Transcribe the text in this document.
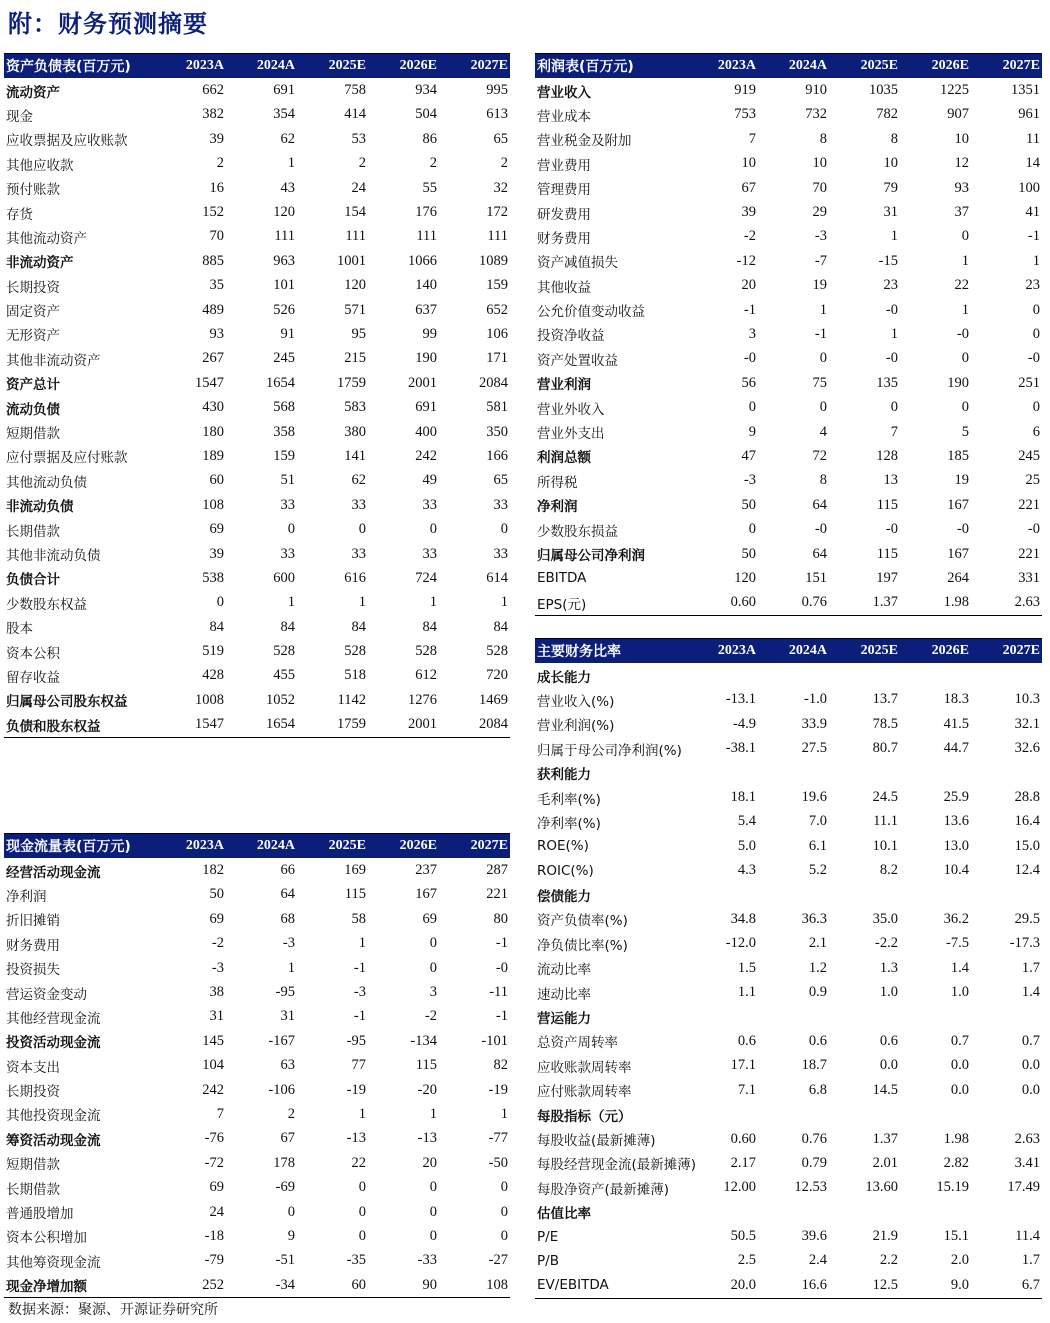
附：财务预测摘要
资产负债表(百万元)	2023A	2024A	2025E	2026E	2027E
流动资产	662	691	758	934	995
现金	382	354	414	504	613
应收票据及应收账款	39	62	53	86	65
其他应收款	2	1	2	2	2
预付账款	16	43	24	55	32
存货	152	120	154	176	172
其他流动资产	70	111	111	111	111
非流动资产	885	963	1001	1066	1089
长期投资	35	101	120	140	159
固定资产	489	526	571	637	652
无形资产	93	91	95	99	106
其他非流动资产	267	245	215	190	171
资产总计	1547	1654	1759	2001	2084
流动负债	430	568	583	691	581
短期借款	180	358	380	400	350
应付票据及应付账款	189	159	141	242	166
其他流动负债	60	51	62	49	65
非流动负债	108	33	33	33	33
长期借款	69	0	0	0	0
其他非流动负债	39	33	33	33	33
负债合计	538	600	616	724	614
少数股东权益	0	1	1	1	1
股本	84	84	84	84	84
资本公积	519	528	528	528	528
留存收益	428	455	518	612	720
归属母公司股东权益	1008	1052	1142	1276	1469
负债和股东权益	1547	1654	1759	2001	2084
利润表(百万元)	2023A	2024A	2025E	2026E	2027E
营业收入	919	910	1035	1225	1351
营业成本	753	732	782	907	961
营业税金及附加	7	8	8	10	11
营业费用	10	10	10	12	14
管理费用	67	70	79	93	100
研发费用	39	29	31	37	41
财务费用	-2	-3	1	0	-1
资产减值损失	-12	-7	-15	1	1
其他收益	20	19	23	22	23
公允价值变动收益	-1	1	-0	1	0
投资净收益	3	-1	1	-0	0
资产处置收益	-0	0	-0	0	-0
营业利润	56	75	135	190	251
营业外收入	0	0	0	0	0
营业外支出	9	4	7	5	6
利润总额	47	72	128	185	245
所得税	-3	8	13	19	25
净利润	50	64	115	167	221
少数股东损益	0	-0	-0	-0	-0
归属母公司净利润	50	64	115	167	221
EBITDA	120	151	197	264	331
EPS(元)	0.60	0.76	1.37	1.98	2.63
现金流量表(百万元)	2023A	2024A	2025E	2026E	2027E
经营活动现金流	182	66	169	237	287
净利润	50	64	115	167	221
折旧摊销	69	68	58	69	80
财务费用	-2	-3	1	0	-1
投资损失	-3	1	-1	0	-0
营运资金变动	38	-95	-3	3	-11
其他经营现金流	31	31	-1	-2	-1
投资活动现金流	145	-167	-95	-134	-101
资本支出	104	63	77	115	82
长期投资	242	-106	-19	-20	-19
其他投资现金流	7	2	1	1	1
筹资活动现金流	-76	67	-13	-13	-77
短期借款	-72	178	22	20	-50
长期借款	69	-69	0	0	0
普通股增加	24	0	0	0	0
资本公积增加	-18	9	0	0	0
其他筹资现金流	-79	-51	-35	-33	-27
现金净增加额	252	-34	60	90	108
主要财务比率	2023A	2024A	2025E	2026E	2027E
成长能力					
营业收入(%)	-13.1	-1.0	13.7	18.3	10.3
营业利润(%)	-4.9	33.9	78.5	41.5	32.1
归属于母公司净利润(%)	-38.1	27.5	80.7	44.7	32.6
获利能力					
毛利率(%)	18.1	19.6	24.5	25.9	28.8
净利率(%)	5.4	7.0	11.1	13.6	16.4
ROE(%)	5.0	6.1	10.1	13.0	15.0
ROIC(%)	4.3	5.2	8.2	10.4	12.4
偿债能力					
资产负债率(%)	34.8	36.3	35.0	36.2	29.5
净负债比率(%)	-12.0	2.1	-2.2	-7.5	-17.3
流动比率	1.5	1.2	1.3	1.4	1.7
速动比率	1.1	0.9	1.0	1.0	1.4
营运能力					
总资产周转率	0.6	0.6	0.6	0.7	0.7
应收账款周转率	17.1	18.7	0.0	0.0	0.0
应付账款周转率	7.1	6.8	14.5	0.0	0.0
每股指标（元）					
每股收益(最新摊薄)	0.60	0.76	1.37	1.98	2.63
每股经营现金流(最新摊薄)	2.17	0.79	2.01	2.82	3.41
每股净资产(最新摊薄)	12.00	12.53	13.60	15.19	17.49
估值比率					
P/E	50.5	39.6	21.9	15.1	11.4
P/B	2.5	2.4	2.2	2.0	1.7
EV/EBITDA	20.0	16.6	12.5	9.0	6.7
数据来源：聚源、开源证券研究所
